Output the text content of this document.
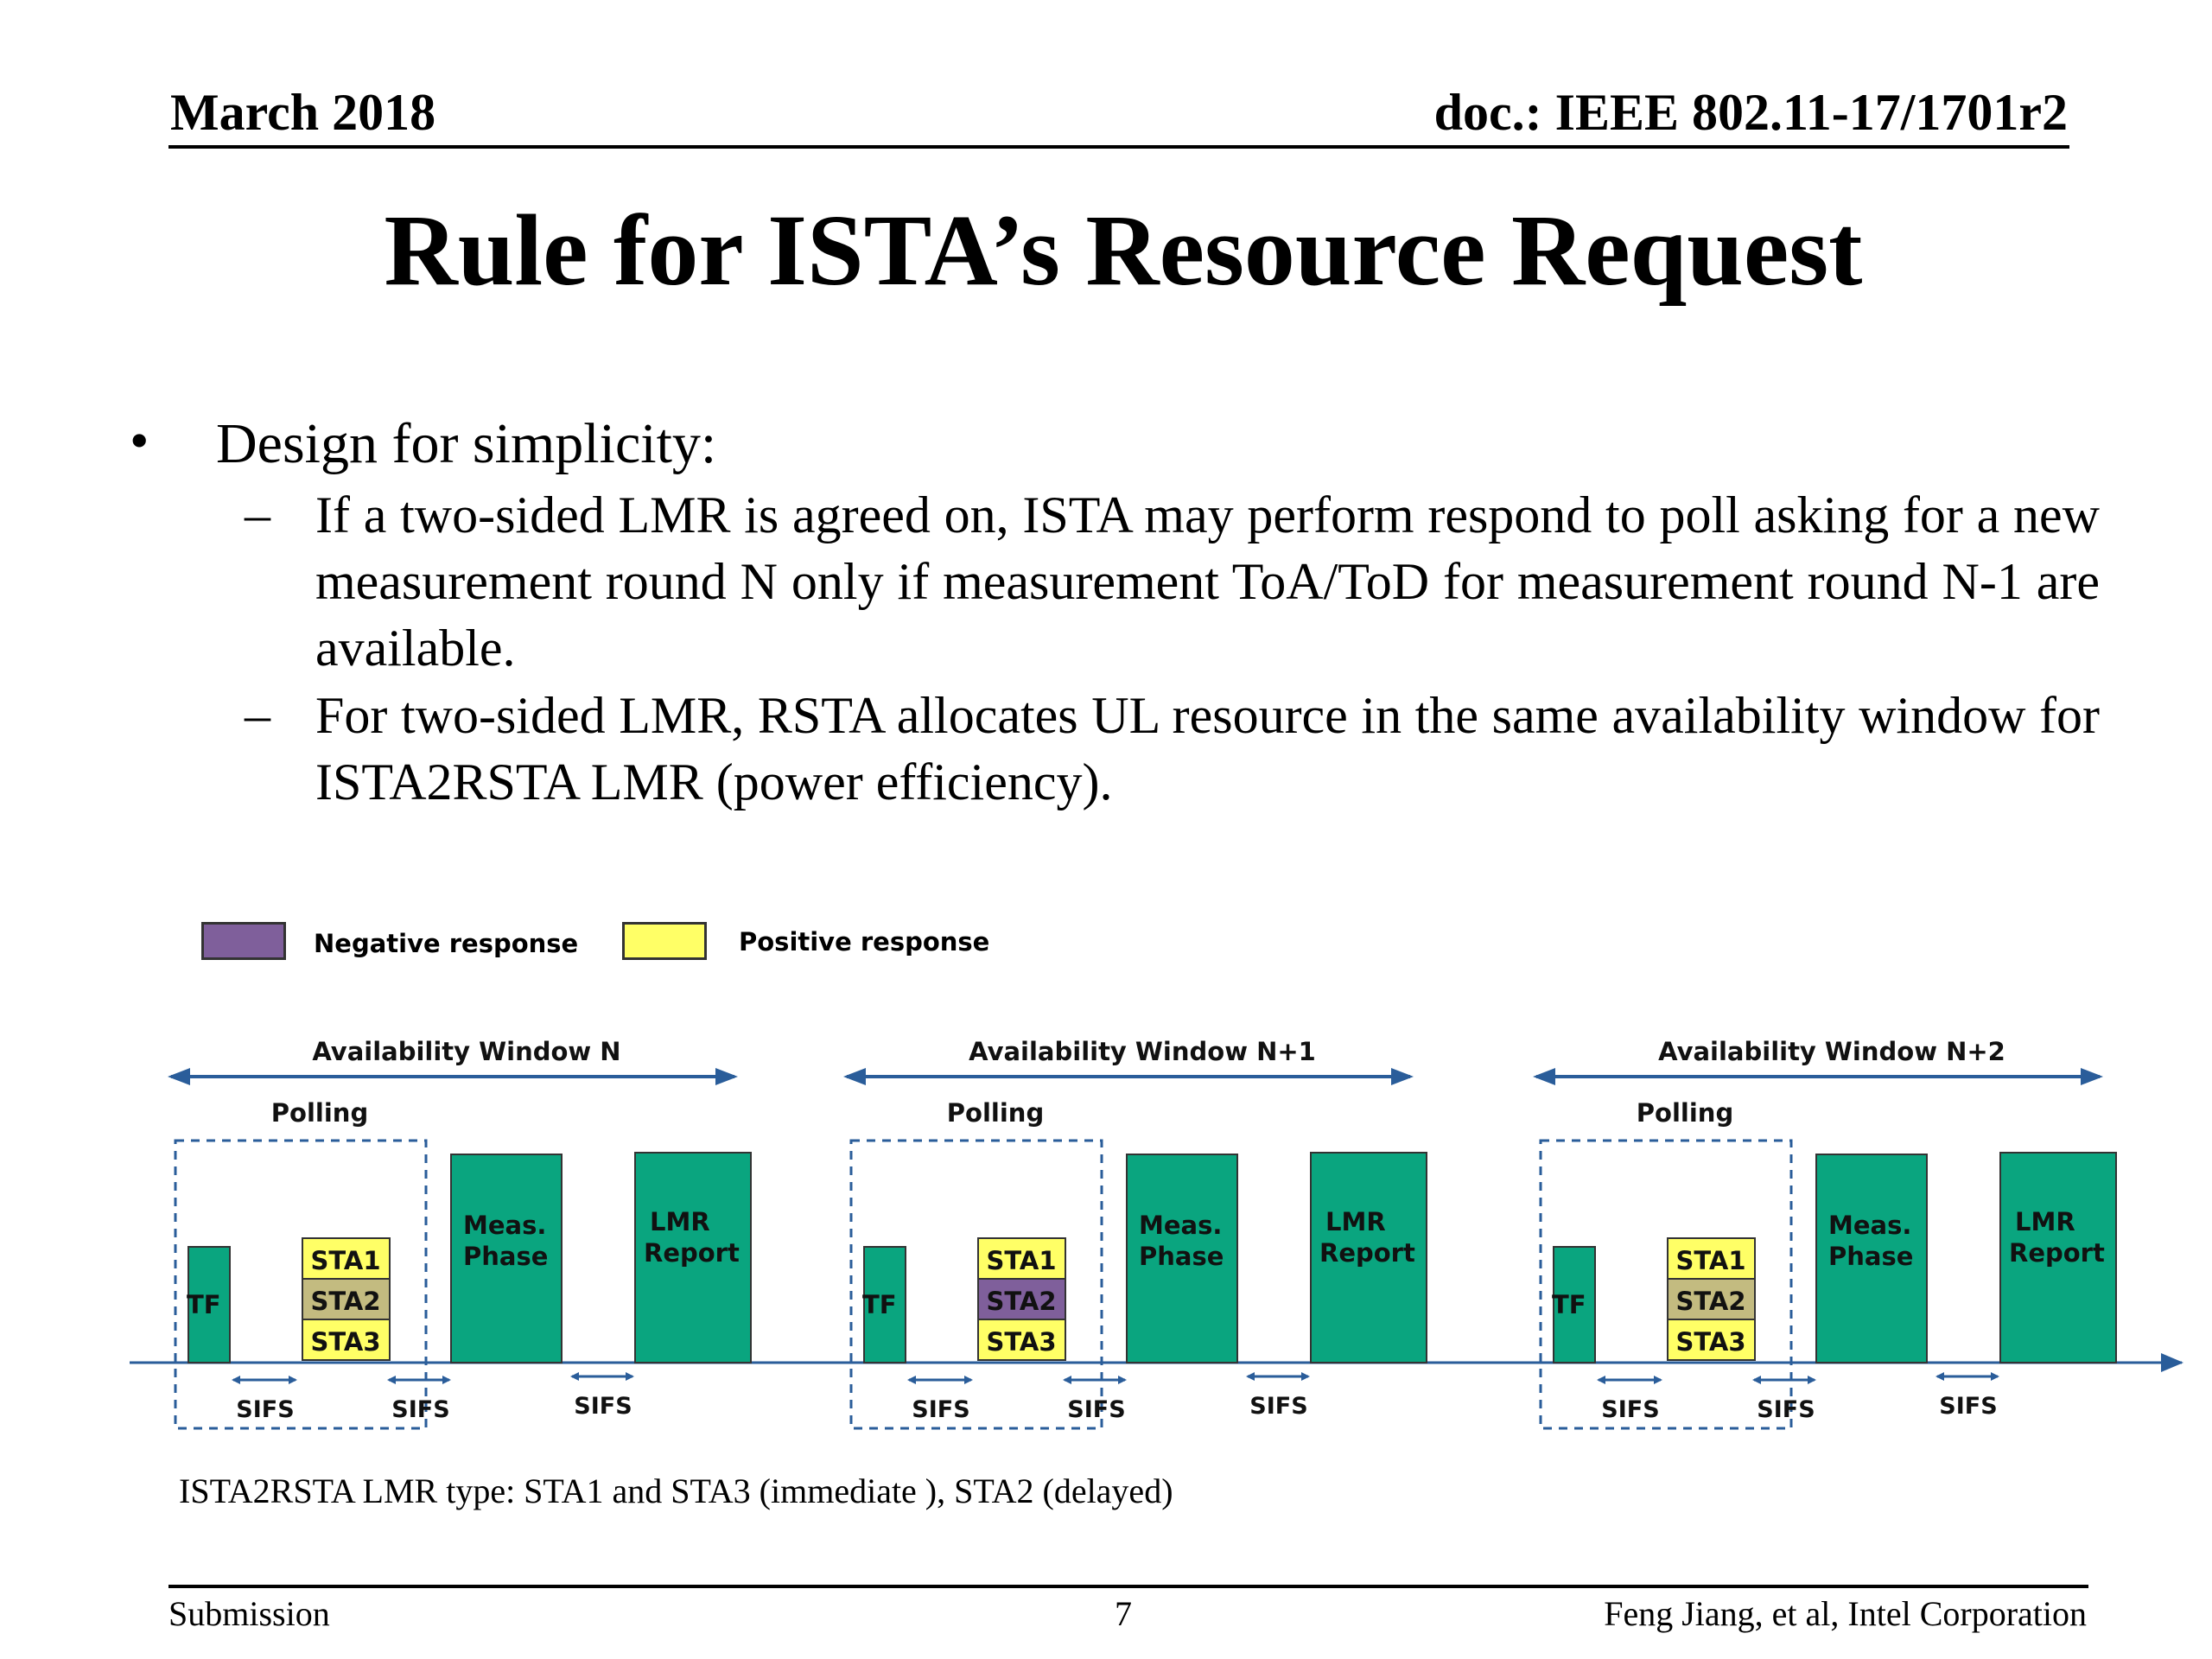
March 2018	doc.: IEEE 802.11-17/1701r2
Rule for ISTA’s Resource Request
• Design for simplicity:
– If a two-sided LMR is agreed on, ISTA may perform respond to poll asking for a new measurement round N only if measurement ToA/ToD for measurement round N-1 are available.
– For two-sided LMR, RSTA allocates UL resource in the same availability window for ISTA2RSTA LMR (power efficiency).
Negative response	Positive response
Availability Window N
Polling
TF
STA1
STA2
STA3
Meas.
Phase
LMR
Report
SIFS	SIFS	SIFS
Availability Window N+1
Polling
TF
STA1
STA2
STA3
Meas.
Phase
LMR
Report
SIFS	SIFS	SIFS
Availability Window N+2
Polling
TF
STA1
STA2
STA3
Meas.
Phase
LMR
Report
SIFS	SIFS	SIFS
ISTA2RSTA LMR type: STA1 and STA3 (immediate ), STA2 (delayed)
Submission	7	Feng Jiang, et al, Intel Corporation
